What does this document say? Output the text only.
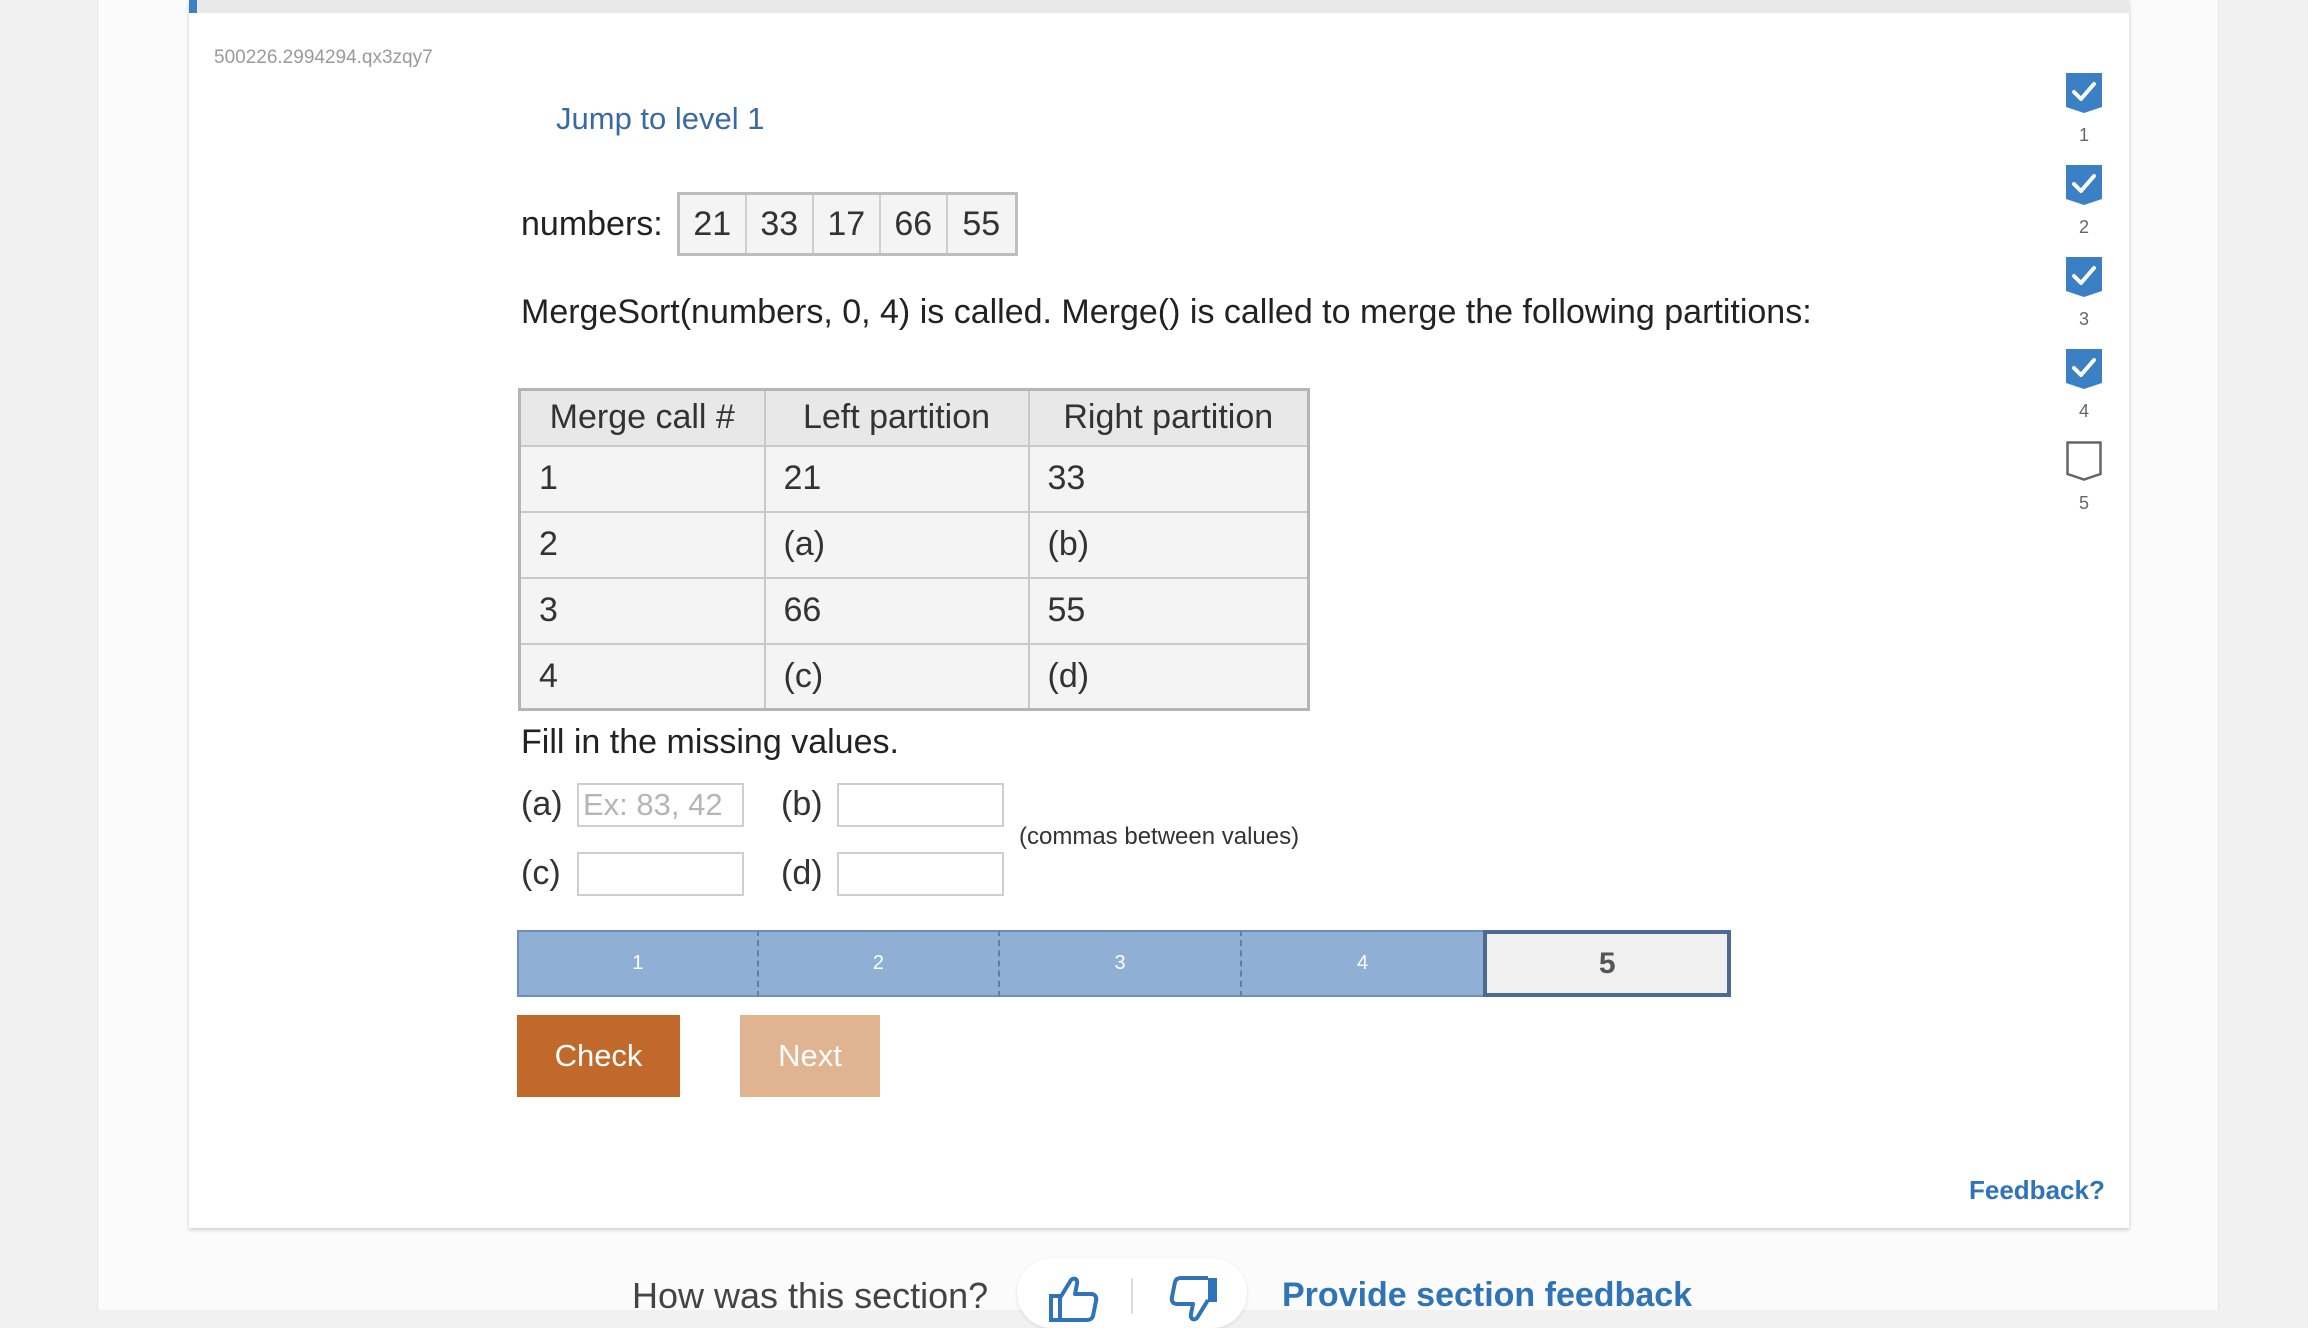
500226.2994294.qx3zqy7
Jump to level 1
numbers: 21 33 17 66 55
MergeSort(numbers, 0, 4) is called. Merge() is called to merge the following partitions:
Merge call #	Left partition	Right partition
1	21	33
2	(a)	(b)
3	66	55
4	(c)	(d)
Fill in the missing values.
(a)
Ex: 83, 42	(b)
(c)	(d)
(commas between values)
1	2	3	4	5
Check	Next
Feedback?
1
2
3
4
5
How was this section?	Provide section feedback
